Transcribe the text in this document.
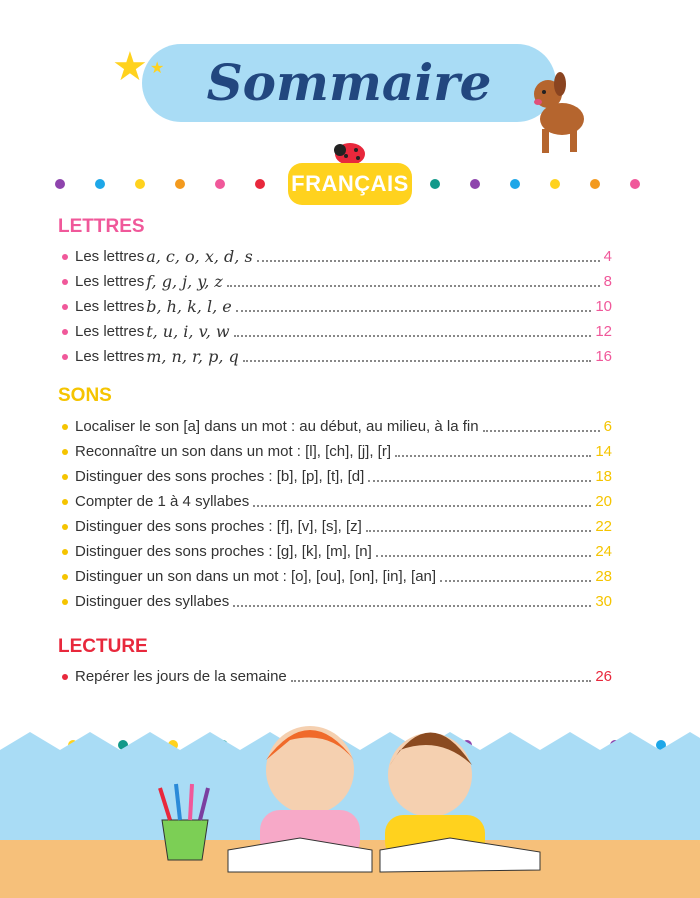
Sommaire
★ ★
FRANÇAIS
LETTRES
SONS
LECTURE
Les lettres a, c, o, x, d, s	4
Les lettres f, g, j, y, z	8
Les lettres b, h, k, l, e	10
Les lettres t, u, i, v, w	12
Les lettres m, n, r, p, q	16
Localiser le son [a] dans un mot : au début, au milieu, à la fin	6
Reconnaître un son dans un mot : [l], [ch], [j], [r]	14
Distinguer des sons proches : [b], [p], [t], [d]	18
Compter de 1 à 4 syllabes	20
Distinguer des sons proches : [f], [v], [s], [z]	22
Distinguer des sons proches : [g], [k], [m], [n]	24
Distinguer un son dans un mot : [o], [ou], [on], [in], [an]	28
Distinguer des syllabes	30
Repérer les jours de la semaine	26
